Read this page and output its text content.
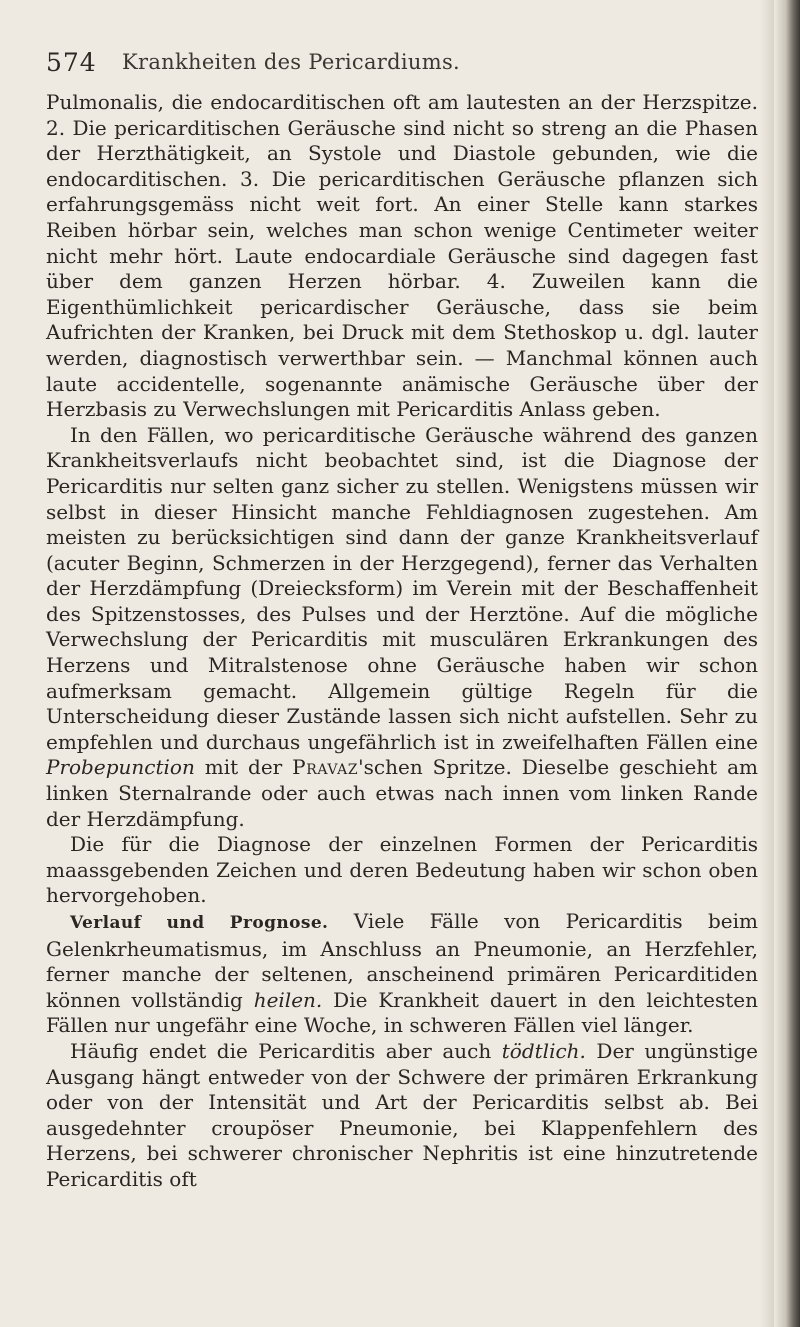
574 Krankheiten des Pericardiums.

Pulmonalis, die endocarditischen oft am lautesten an der Herzspitze. 2. Die pericarditischen Geräusche sind nicht so streng an die Phasen der Herzthätigkeit, an Systole und Diastole gebunden, wie die endocarditischen. 3. Die pericarditischen Geräusche pflanzen sich erfahrungsgemäss nicht weit fort. An einer Stelle kann starkes Reiben hörbar sein, welches man schon wenige Centimeter weiter nicht mehr hört. Laute endocardiale Geräusche sind dagegen fast über dem ganzen Herzen hörbar. 4. Zuweilen kann die Eigenthümlichkeit pericardischer Geräusche, dass sie beim Aufrichten der Kranken, bei Druck mit dem Stethoskop u. dgl. lauter werden, diagnostisch verwerthbar sein. — Manchmal können auch laute accidentelle, sogenannte anämische Geräusche über der Herzbasis zu Verwechslungen mit Pericarditis Anlass geben.

In den Fällen, wo pericarditische Geräusche während des ganzen Krankheitsverlaufs nicht beobachtet sind, ist die Diagnose der Pericarditis nur selten ganz sicher zu stellen. Wenigstens müssen wir selbst in dieser Hinsicht manche Fehldiagnosen zugestehen. Am meisten zu berücksichtigen sind dann der ganze Krankheitsverlauf (acuter Beginn, Schmerzen in der Herzgegend), ferner das Verhalten der Herzdämpfung (Dreiecksform) im Verein mit der Beschaffenheit des Spitzenstosses, des Pulses und der Herztöne. Auf die mögliche Verwechslung der Pericarditis mit musculären Erkrankungen des Herzens und Mitralstenose ohne Geräusche haben wir schon aufmerksam gemacht. Allgemein gültige Regeln für die Unterscheidung dieser Zustände lassen sich nicht aufstellen. Sehr zu empfehlen und durchaus ungefährlich ist in zweifelhaften Fällen eine Probepunction mit der Pravaz'schen Spritze. Dieselbe geschieht am linken Sternalrande oder auch etwas nach innen vom linken Rande der Herzdämpfung.

Die für die Diagnose der einzelnen Formen der Pericarditis maassgebenden Zeichen und deren Bedeutung haben wir schon oben hervorgehoben.

Verlauf und Prognose. Viele Fälle von Pericarditis beim Gelenkrheumatismus, im Anschluss an Pneumonie, an Herzfehler, ferner manche der seltenen, anscheinend primären Pericarditiden können vollständig heilen. Die Krankheit dauert in den leichtesten Fällen nur ungefähr eine Woche, in schweren Fällen viel länger.

Häufig endet die Pericarditis aber auch tödtlich. Der ungünstige Ausgang hängt entweder von der Schwere der primären Erkrankung oder von der Intensität und Art der Pericarditis selbst ab. Bei ausgedehnter croupöser Pneumonie, bei Klappenfehlern des Herzens, bei schwerer chronischer Nephritis ist eine hinzutretende Pericarditis oft
